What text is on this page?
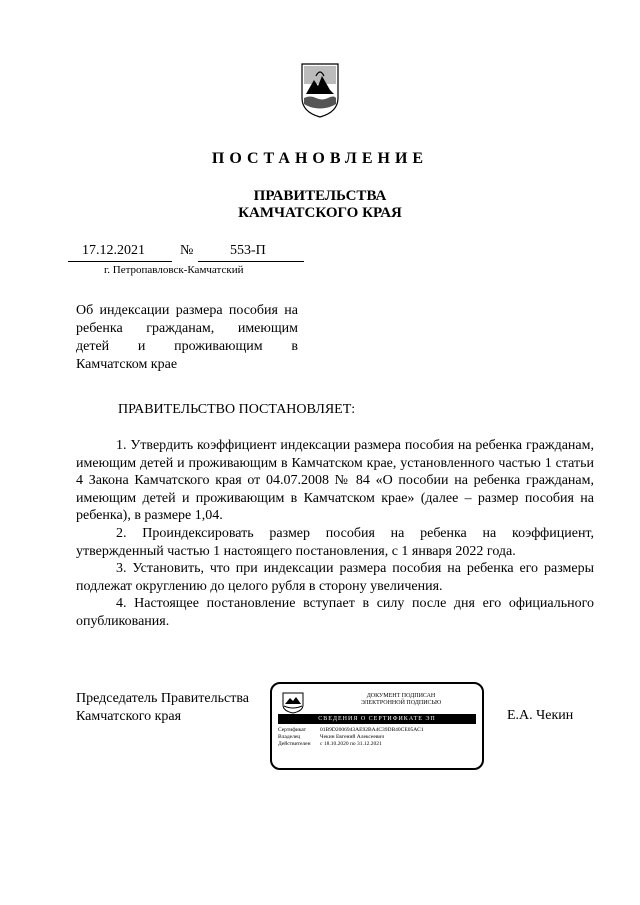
ПОСТАНОВЛЕНИЕ
ПРАВИТЕЛЬСТВА
КАМЧАТСКОГО КРАЯ
17.12.2021	№	553-П
г. Петропавловск-Камчатский
Об индексации размера пособия на
ребенка гражданам, имеющим
детей и проживающим в
Камчатском крае
ПРАВИТЕЛЬСТВО ПОСТАНОВЛЯЕТ:

1. Утвердить коэффициент индексации размера пособия на ребенка гражданам, имеющим детей и проживающим в Камчатском крае, установленного частью 1 статьи 4 Закона Камчатского края от 04.07.2008 № 84 «О пособии на ребенка гражданам, имеющим детей и проживающим в Камчатском крае» (далее – размер пособия на ребенка), в размере 1,04.

2. Проиндексировать размер пособия на ребенка на коэффициент, утвержденный частью 1 настоящего постановления, с 1 января 2022 года.

3. Установить, что при индексации размера пособия на ребенка его размеры подлежат округлению до целого рубля в сторону увеличения.

4. Настоящее постановление вступает в силу после дня его официального опубликования.

Председатель Правительства
Камчатского края
ДОКУМЕНТ ПОДПИСАН
ЭЛЕКТРОННОЙ ПОДПИСЬЮ
СВЕДЕНИЯ О СЕРТИФИКАТЕ ЭП
Сертификат	01B9D2006943AE92BA4C39DB40CE05AC1
Владелец	Чекин Евгений Алексеевич
Действителен с 18.10.2020 по 31.12.2021
Е.А. Чекин
